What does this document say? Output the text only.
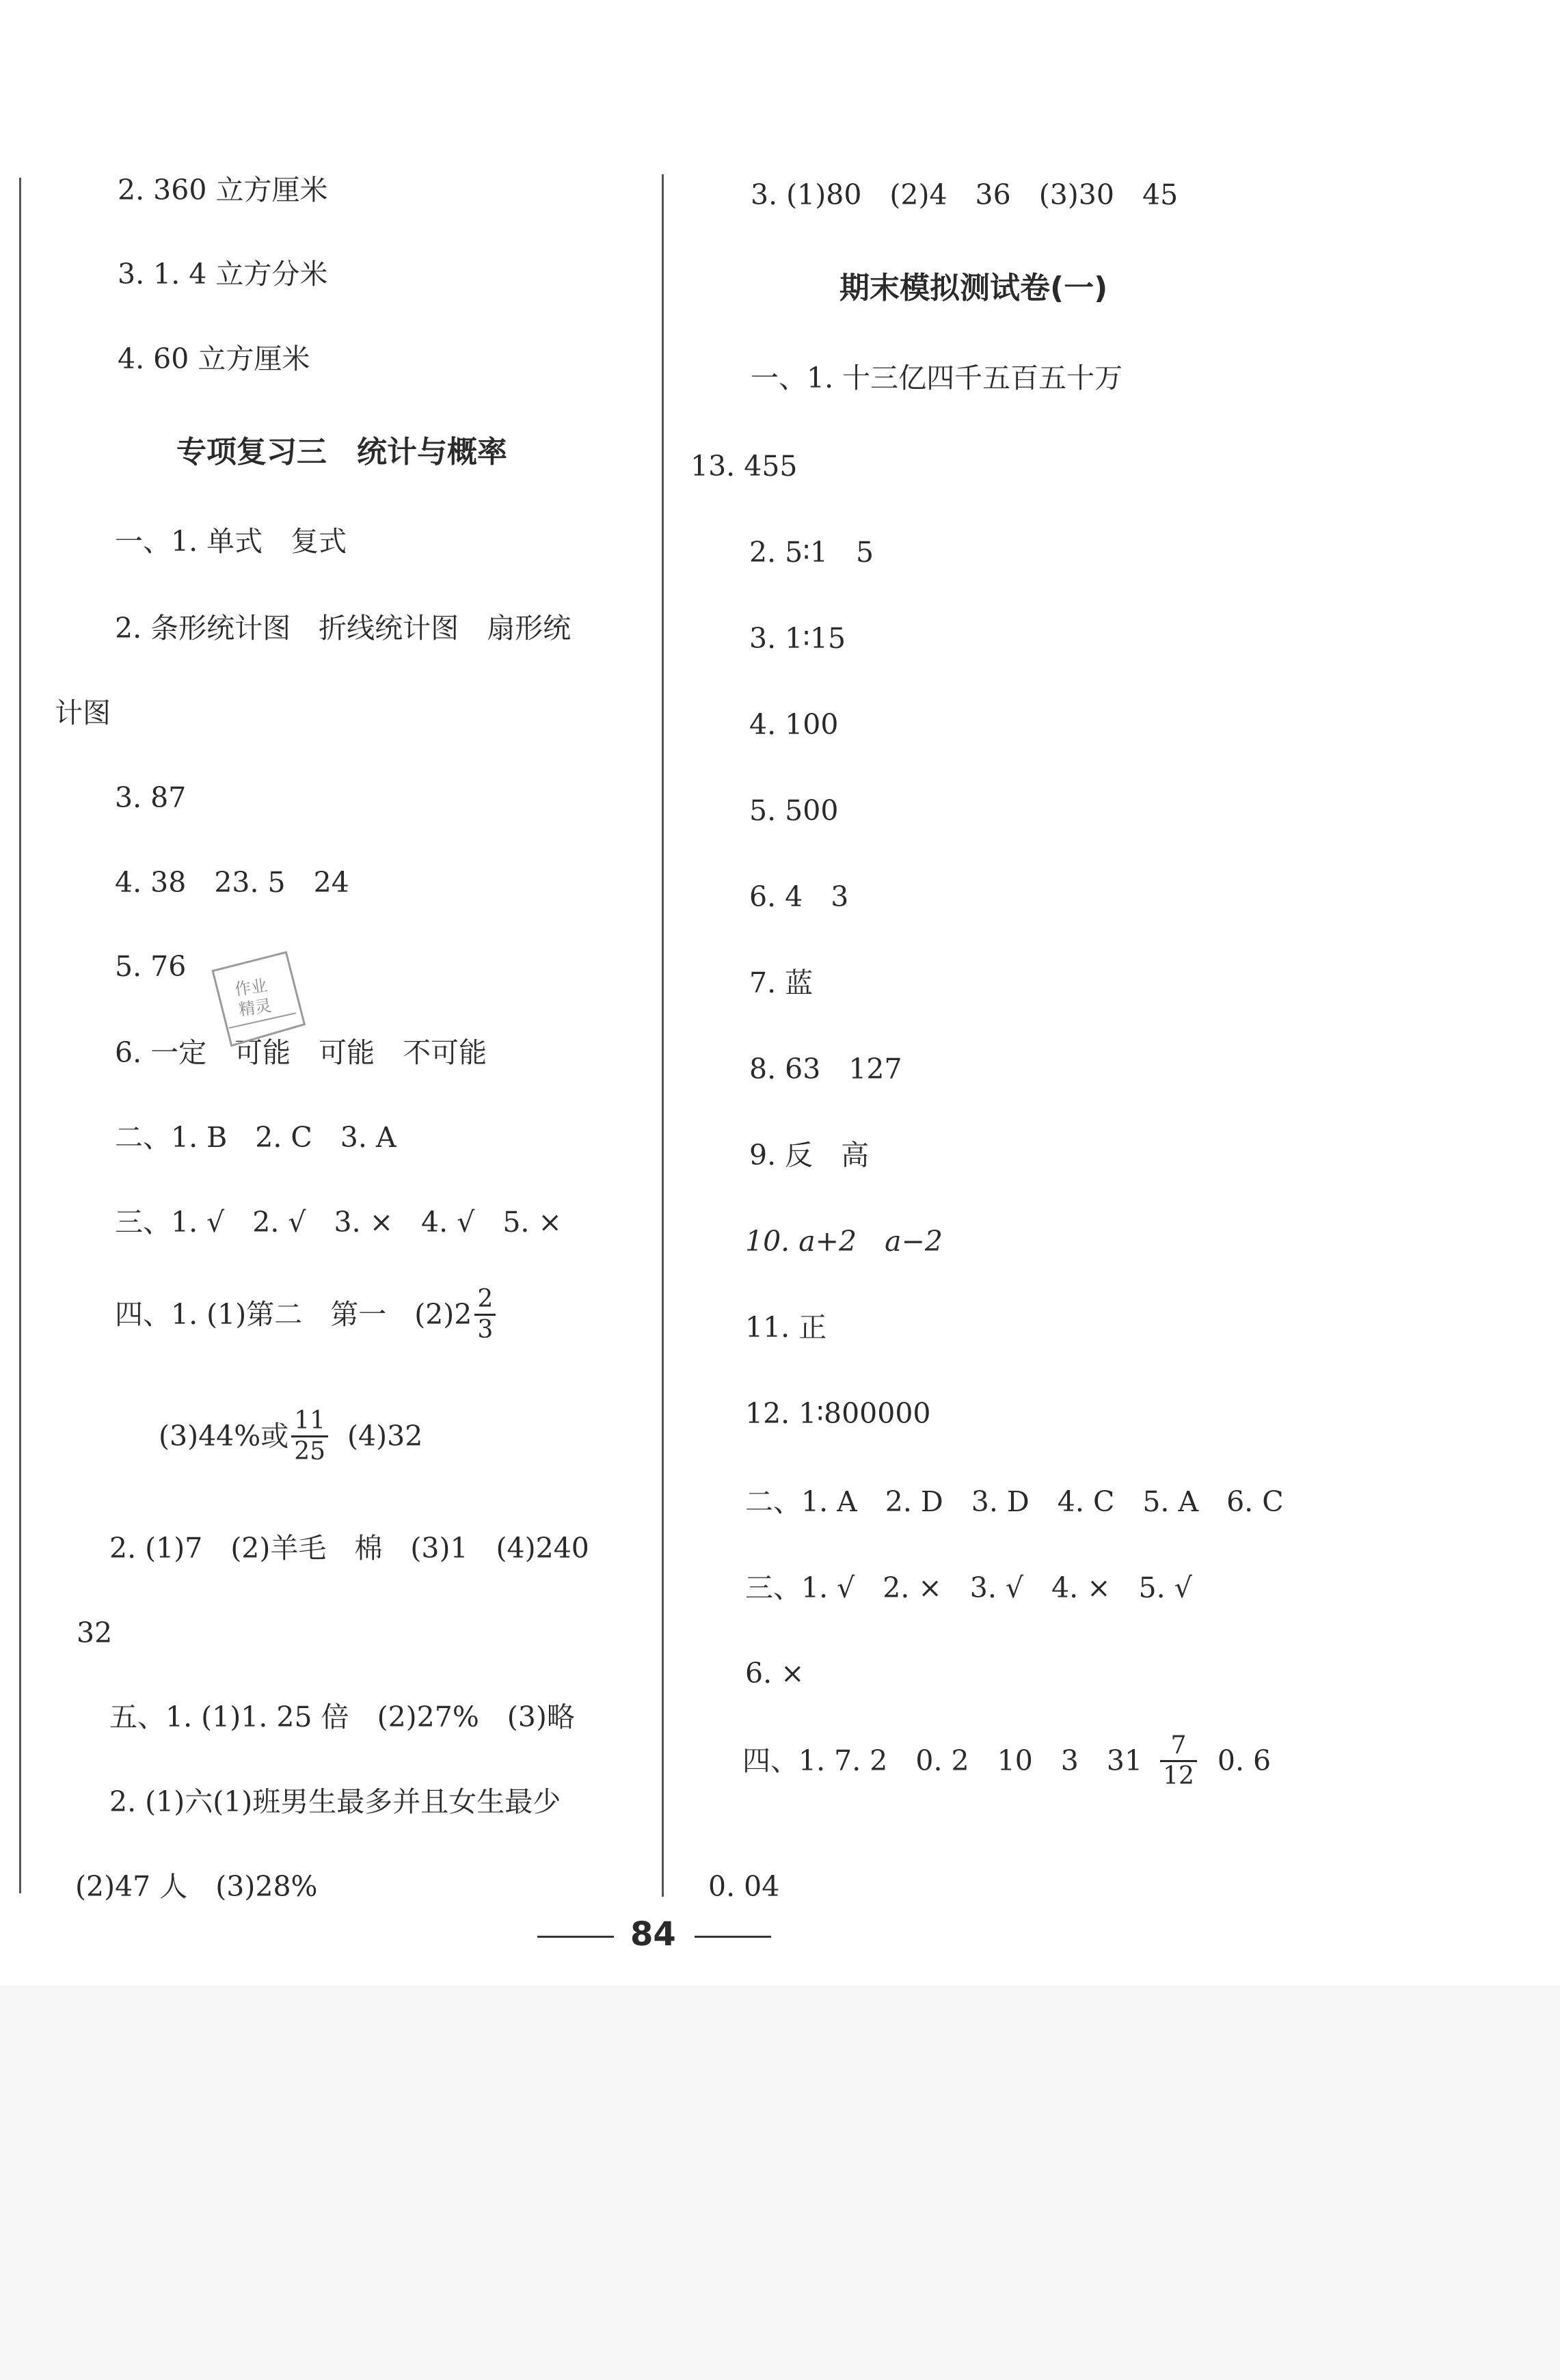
2. 360 立方厘米
3. 1. 4 立方分米
4. 60 立方厘米
专项复习三　统计与概率
一、1. 单式　复式
2. 条形统计图　折线统计图　扇形统
计图
3. 87
4. 38　23. 5　24
5. 76
6. 一定　可能　可能　不可能
二、1. B　2. C　3. A
三、1. √　2. √　3. ×　4. √　5. ×
四、1. (1)第二　第一　$(2)2 \frac{2}{3}$
(3)44%或 $\frac{11}{25} (4)32$
2. (1)7　(2)羊毛　棉　(3)1　(4)240
32
五、1. (1)1. 25 倍　(2)27%　(3)略
2. (1)六(1)班男生最多并且女生最少
(2)47 人　(3)28%
作业
精灵
3. (1)80　(2)4　36　(3)30　45
期末模拟测试卷(一)
一、1. 十三亿四千五百五十万
13. 455
2. 5∶1　5
3. 1∶15
4. 100
5. 500
6. 4　3
7. 蓝
8. 63　127
9. 反　高
10. a+2　a−2
11. 正
12. 1∶800000
二、1. A　2. D　3. D　4. C　5. A　6. C
三、1. √　2. ×　3. √　4. ×　5. √
6. ×
四、1. 7. 2　0. 2　10　3　$31 \frac{7}{12} 0$. 6
0. 04
84
